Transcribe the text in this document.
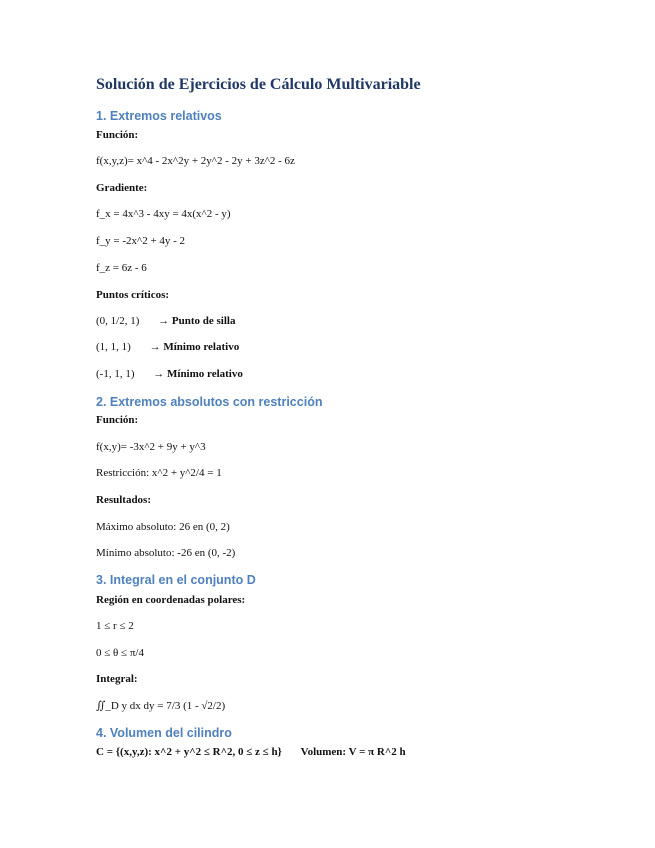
Solución de Ejercicios de Cálculo Multivariable
1. Extremos relativos
Función:
f(x,y,z)= x^4 - 2x^2y + 2y^2 - 2y + 3z^2 - 6z
Gradiente:
f_x = 4x^3 - 4xy = 4x(x^2 - y)
f_y = -2x^2 + 4y - 2
f_z = 6z - 6
Puntos críticos:
(0, 1/2, 1) → Punto de silla
(1, 1, 1) → Mínimo relativo
(-1, 1, 1) → Mínimo relativo
2. Extremos absolutos con restricción
Función:
f(x,y)= -3x^2 + 9y + y^3
Restricción: x^2 + y^2/4 = 1
Resultados:
Máximo absoluto: 26 en (0, 2)
Mínimo absoluto: -26 en (0, -2)
3. Integral en el conjunto D
Región en coordenadas polares:
1 ≤ r ≤ 2
0 ≤ θ ≤ π/4
Integral:
∬_D y dx dy = 7/3 (1 - √2/2)
4. Volumen del cilindro
C = {(x,y,z): x^2 + y^2 ≤ R^2, 0 ≤ z ≤ h} Volumen: V = π R^2 h
